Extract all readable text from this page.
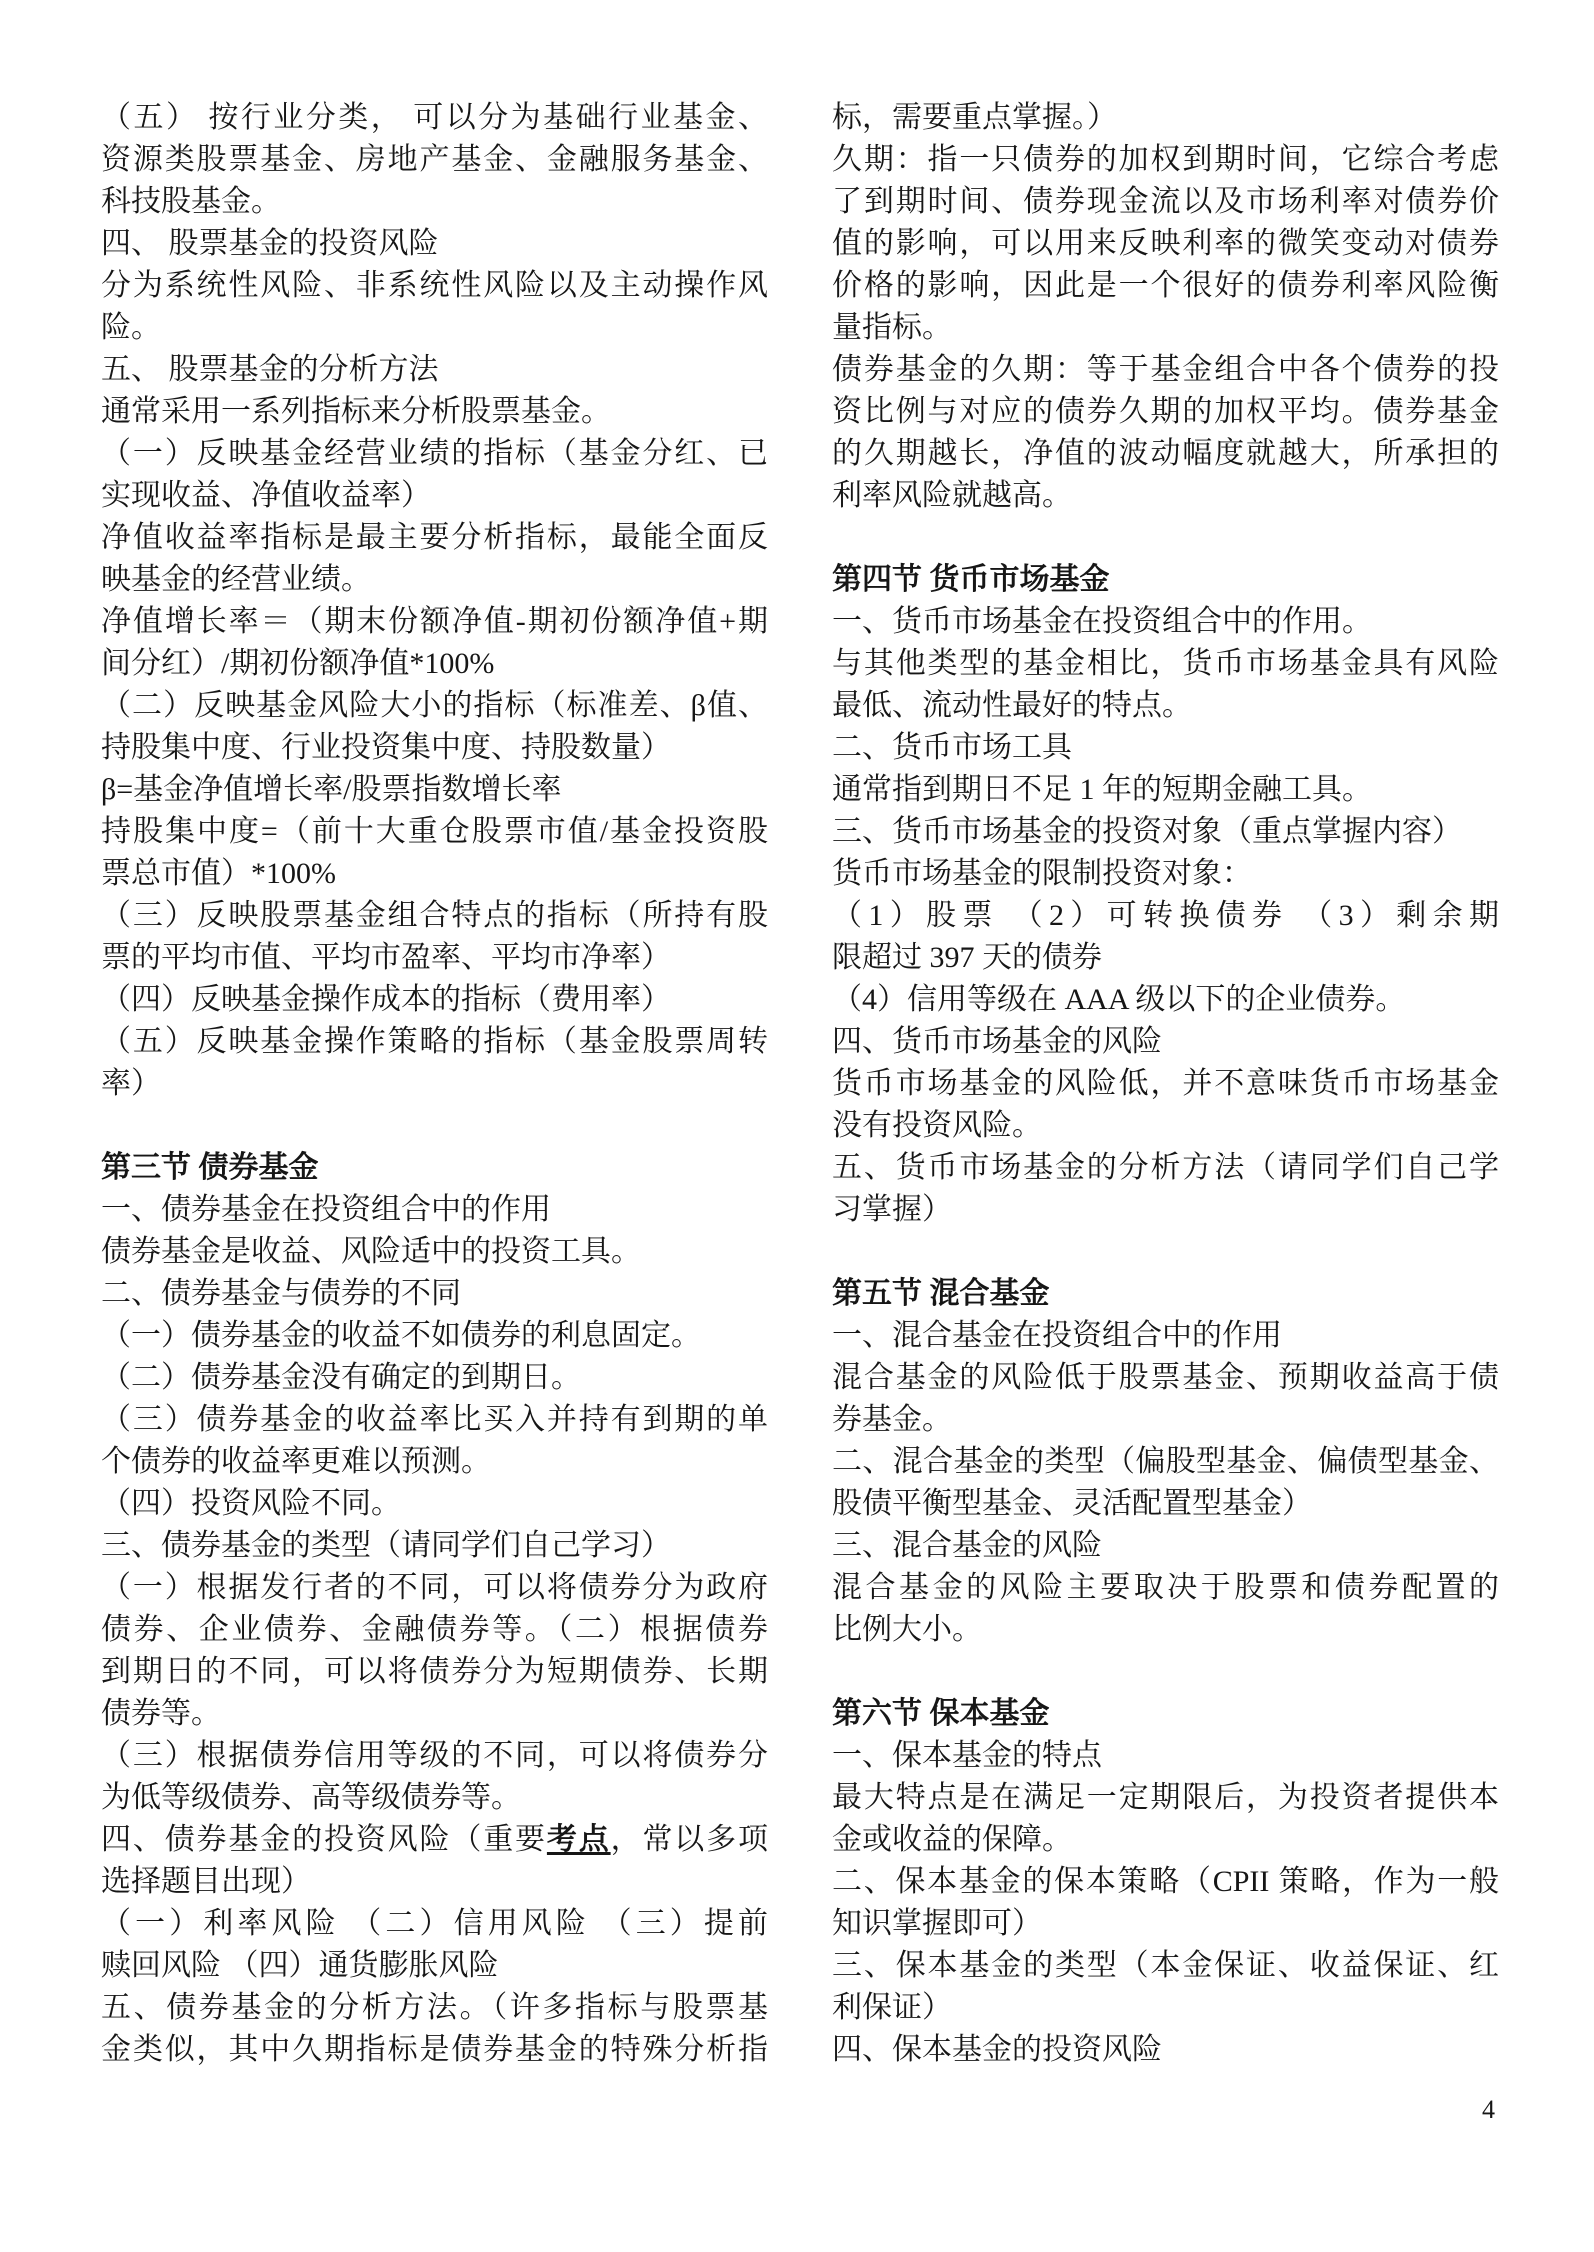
（五） 按行业分类， 可以分为基础行业基金、
资源类股票基金、房地产基金、金融服务基金、
科技股基金。
四、 股票基金的投资风险
分为系统性风险、非系统性风险以及主动操作风
险。
五、 股票基金的分析方法
通常采用一系列指标来分析股票基金。
（一）反映基金经营业绩的指标（基金分红、已
实现收益、净值收益率）
净值收益率指标是最主要分析指标，最能全面反
映基金的经营业绩。
净值增长率＝（期末份额净值-期初份额净值+期
间分红）/期初份额净值*100%
（二）反映基金风险大小的指标（标准差、β值、
持股集中度、行业投资集中度、持股数量）
β=基金净值增长率/股票指数增长率
持股集中度=（前十大重仓股票市值/基金投资股
票总市值）*100%
（三）反映股票基金组合特点的指标（所持有股
票的平均市值、平均市盈率、平均市净率）
（四）反映基金操作成本的指标（费用率）
（五）反映基金操作策略的指标（基金股票周转
率）
第三节 债券基金
一、债券基金在投资组合中的作用
债券基金是收益、风险适中的投资工具。
二、债券基金与债券的不同
（一）债券基金的收益不如债券的利息固定。
（二）债券基金没有确定的到期日。
（三）债券基金的收益率比买入并持有到期的单
个债券的收益率更难以预测。
（四）投资风险不同。
三、债券基金的类型（请同学们自己学习）
（一）根据发行者的不同，可以将债券分为政府
债券、企业债券、金融债券等。（二）根据债券
到期日的不同，可以将债券分为短期债券、长期
债券等。
（三）根据债券信用等级的不同，可以将债券分
为低等级债券、高等级债券等。
四、债券基金的投资风险（重要考点，常以多项
选择题目出现）
（一）利率风险 （二）信用风险 （三）提前
赎回风险 （四）通货膨胀风险
五、债券基金的分析方法。（许多指标与股票基
金类似，其中久期指标是债券基金的特殊分析指
标，需要重点掌握。）
久期：指一只债券的加权到期时间，它综合考虑
了到期时间、债券现金流以及市场利率对债券价
值的影响，可以用来反映利率的微笑变动对债券
价格的影响，因此是一个很好的债券利率风险衡
量指标。
债券基金的久期：等于基金组合中各个债券的投
资比例与对应的债券久期的加权平均。债券基金
的久期越长，净值的波动幅度就越大，所承担的
利率风险就越高。
第四节 货币市场基金
一、货币市场基金在投资组合中的作用。
与其他类型的基金相比，货币市场基金具有风险
最低、流动性最好的特点。
二、货币市场工具
通常指到期日不足 1 年的短期金融工具。
三、货币市场基金的投资对象（重点掌握内容）
货币市场基金的限制投资对象：
（1）股票 （2）可转换债券 （3）剩余期
限超过 397 天的债券
（4）信用等级在 AAA 级以下的企业债券。
四、货币市场基金的风险
货币市场基金的风险低，并不意味货币市场基金
没有投资风险。
五、货币市场基金的分析方法（请同学们自己学
习掌握）
第五节 混合基金
一、混合基金在投资组合中的作用
混合基金的风险低于股票基金、预期收益高于债
券基金。
二、混合基金的类型（偏股型基金、偏债型基金、
股债平衡型基金、灵活配置型基金）
三、混合基金的风险
混合基金的风险主要取决于股票和债券配置的
比例大小。
第六节 保本基金
一、保本基金的特点
最大特点是在满足一定期限后，为投资者提供本
金或收益的保障。
二、保本基金的保本策略（CPII 策略，作为一般
知识掌握即可）
三、保本基金的类型（本金保证、收益保证、红
利保证）
四、保本基金的投资风险
4
